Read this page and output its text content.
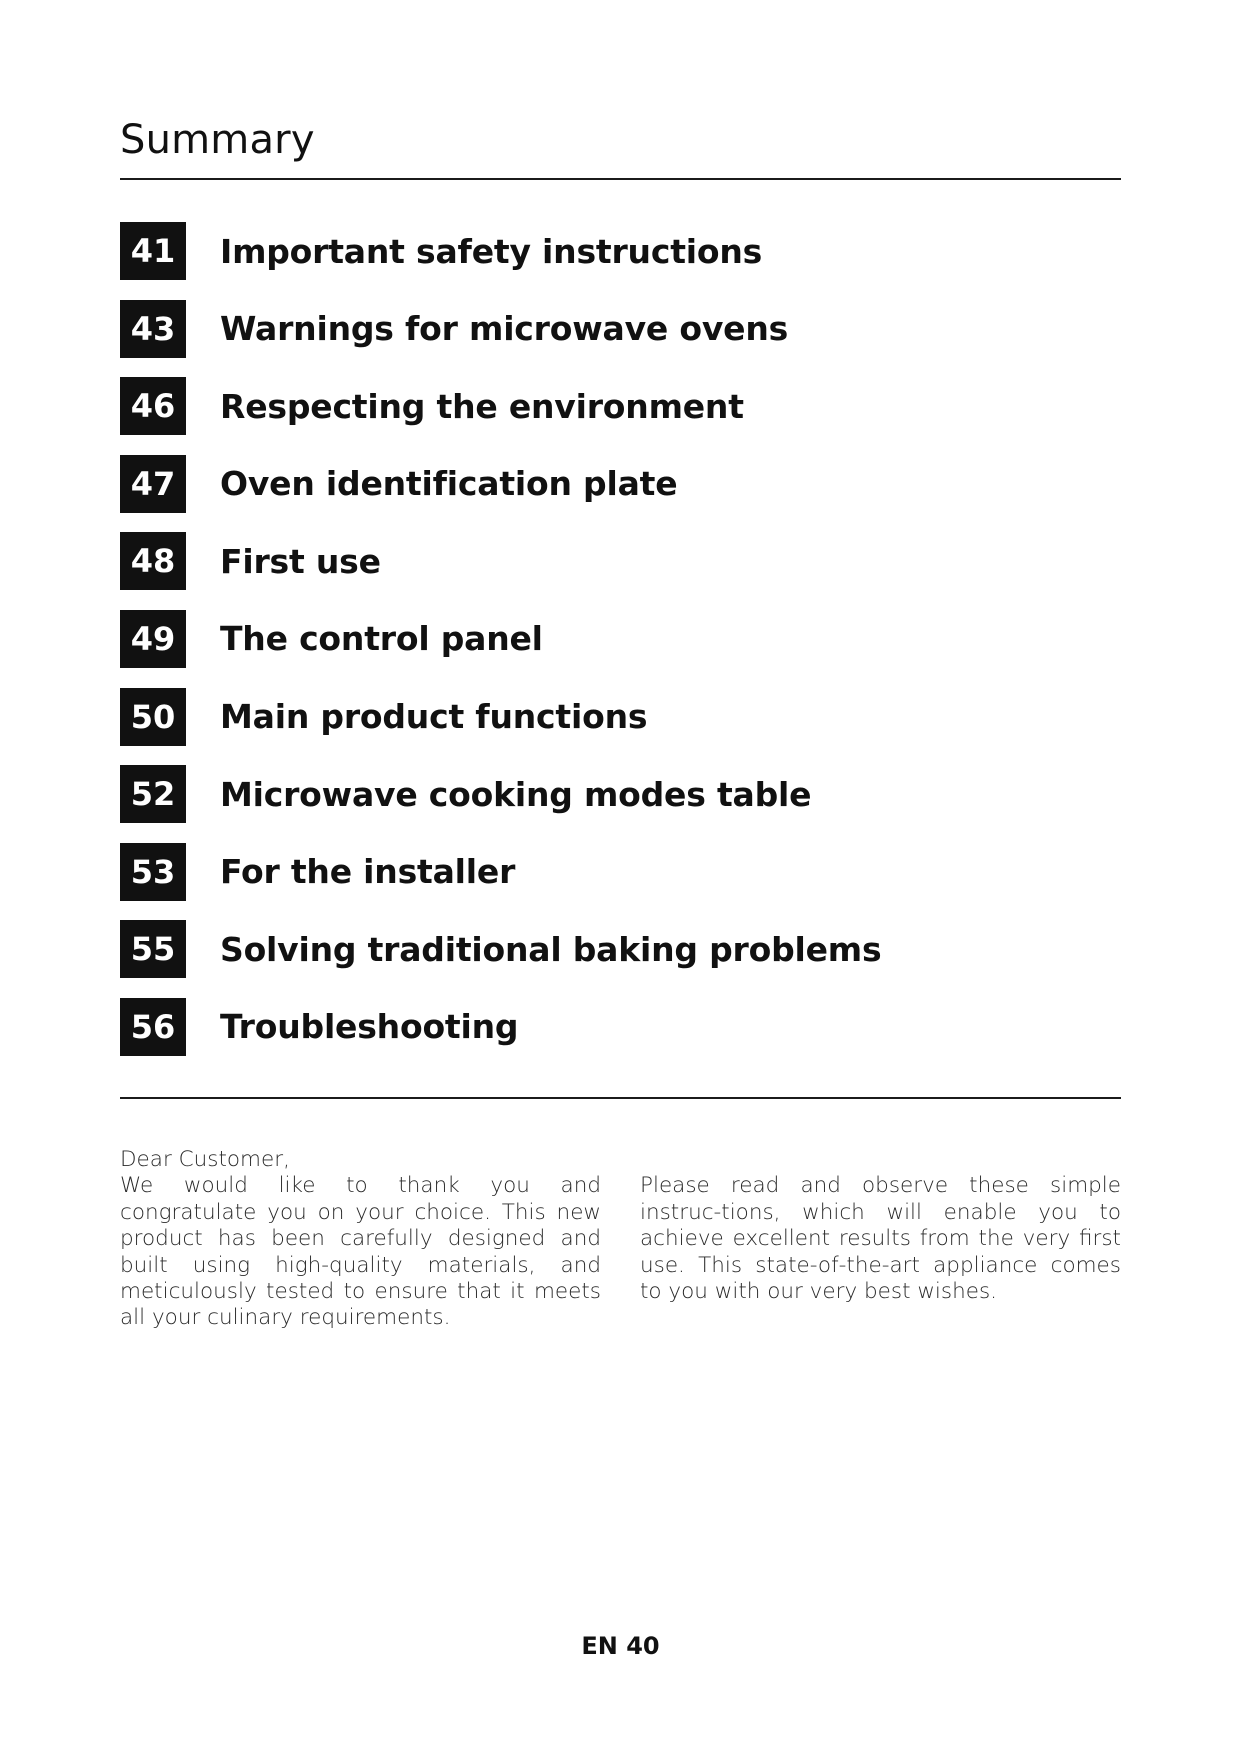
Summary
41	Important safety instructions
43	Warnings for microwave ovens
46	Respecting the environment
47	Oven identification plate
48	First use
49	The control panel
50	Main product functions
52	Microwave cooking modes table
53	For the installer
55	Solving traditional baking problems
56	Troubleshooting

Dear Customer,

We would like to thank you and congratulate you on your choice. This new product has been carefully designed and built using high-quality materials, and meticulously tested to ensure that it meets all your culinary requirements.

Please read and observe these simple instruc-tions, which will enable you to achieve excellent results from the very first use. This state-of-the-art appliance comes to you with our very best wishes.

EN 40
